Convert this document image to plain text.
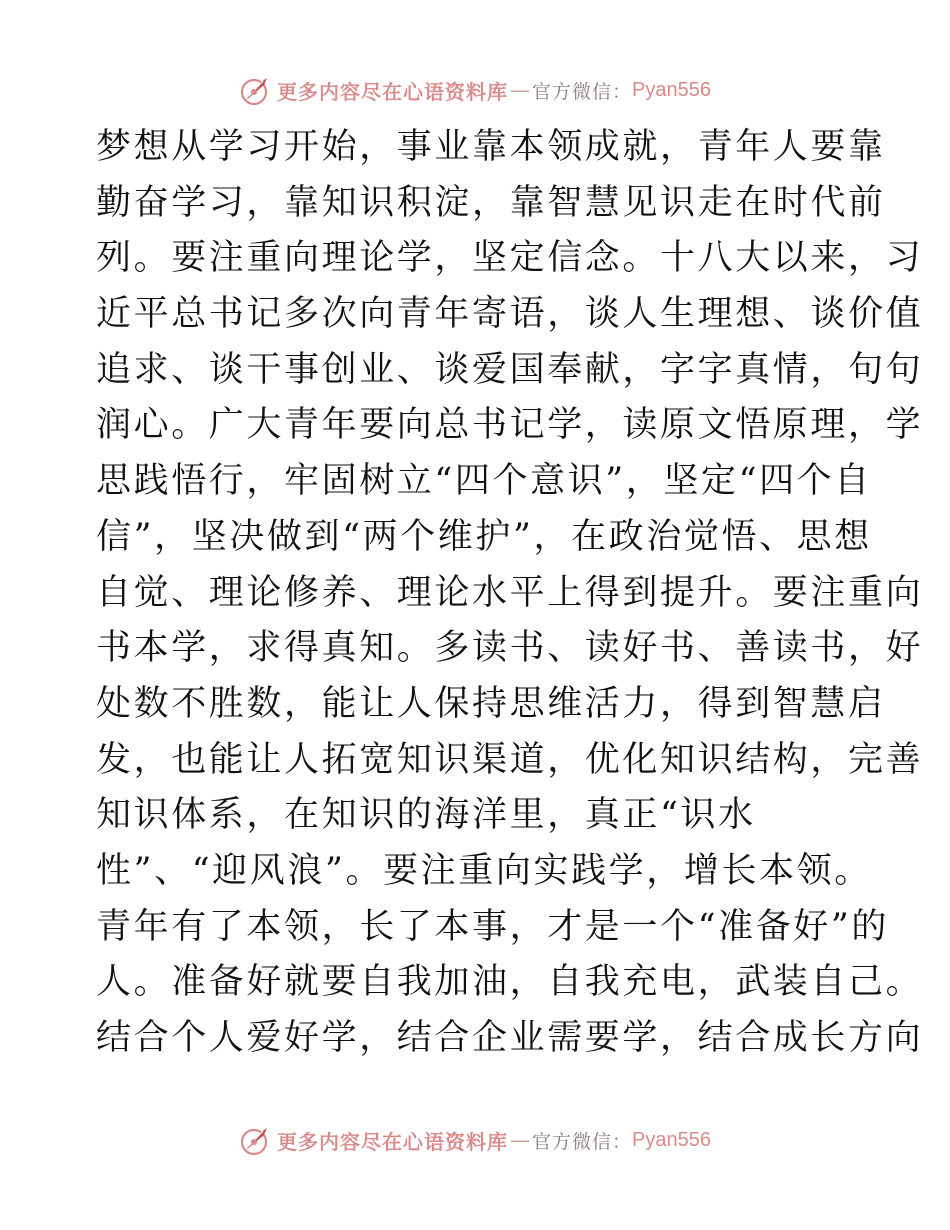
更多内容尽在心语资料库 — 官方微信： Pyan556
梦想从学习开始，事业靠本领成就，青年人要靠
勤奋学习，靠知识积淀，靠智慧见识走在时代前
列。要注重向理论学，坚定信念。十八大以来，习
近平总书记多次向青年寄语，谈人生理想、谈价值
追求、谈干事创业、谈爱国奉献，字字真情，句句
润心。广大青年要向总书记学，读原文悟原理，学
思践悟行，牢固树立“四个意识”，坚定“四个自
信”，坚决做到“两个维护”，在政治觉悟、思想
自觉、理论修养、理论水平上得到提升。要注重向
书本学，求得真知。多读书、读好书、善读书，好
处数不胜数，能让人保持思维活力，得到智慧启
发，也能让人拓宽知识渠道，优化知识结构，完善
知识体系，在知识的海洋里，真正“识水
性”、“迎风浪”。要注重向实践学，增长本领。
青年有了本领，长了本事，才是一个“准备好”的
人。准备好就要自我加油，自我充电，武装自己。
结合个人爱好学，结合企业需要学，结合成长方向
更多内容尽在心语资料库 — 官方微信： Pyan556
